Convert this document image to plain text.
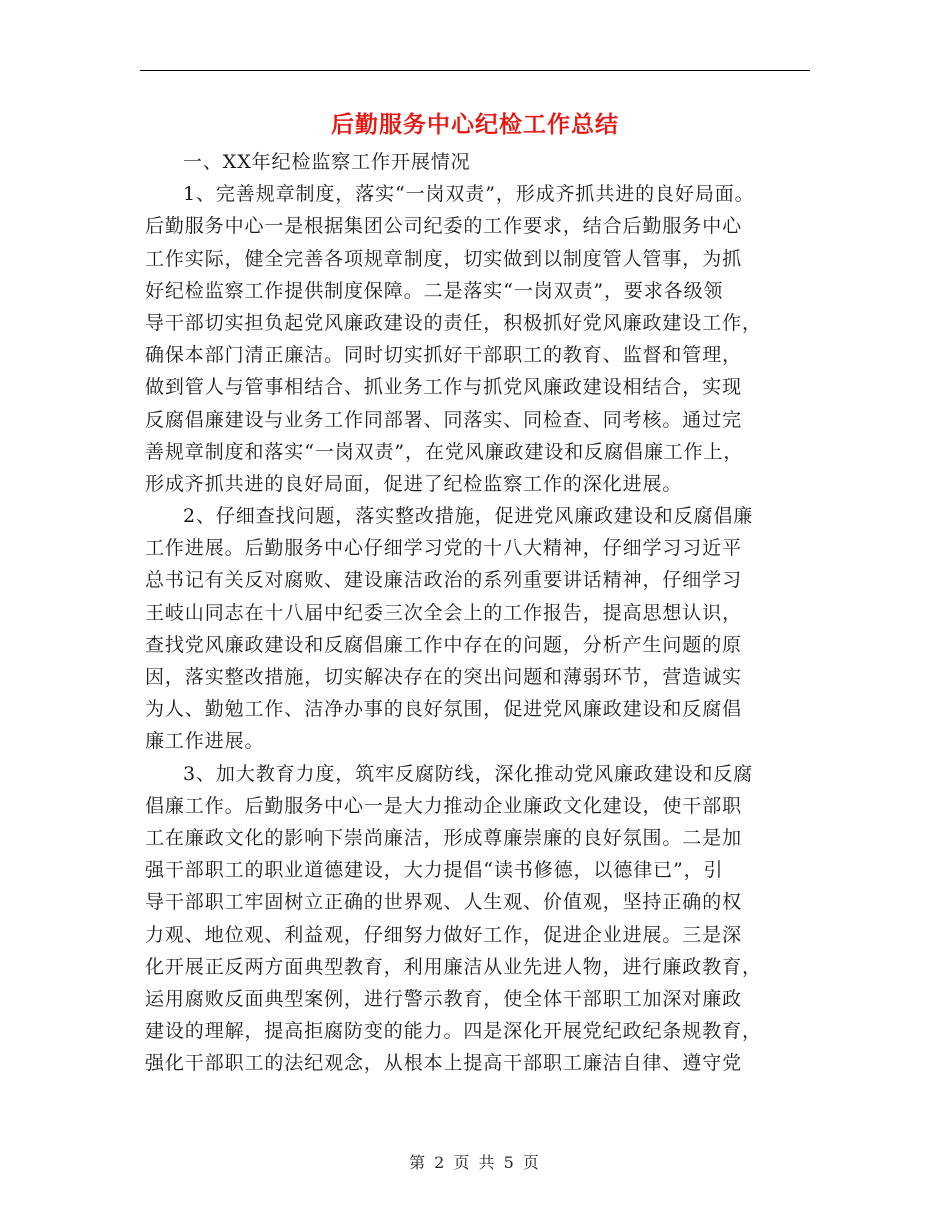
后勤服务中心纪检工作总结
一、XX年纪检监察工作开展情况
1、完善规章制度，落实“一岗双责”，形成齐抓共进的良好局面。
后勤服务中心一是根据集团公司纪委的工作要求，结合后勤服务中心
工作实际，健全完善各项规章制度，切实做到以制度管人管事，为抓
好纪检监察工作提供制度保障。二是落实“一岗双责”，要求各级领
导干部切实担负起党风廉政建设的责任，积极抓好党风廉政建设工作，
确保本部门清正廉洁。同时切实抓好干部职工的教育、监督和管理，
做到管人与管事相结合、抓业务工作与抓党风廉政建设相结合，实现
反腐倡廉建设与业务工作同部署、同落实、同检查、同考核。通过完
善规章制度和落实“一岗双责”，在党风廉政建设和反腐倡廉工作上，
形成齐抓共进的良好局面，促进了纪检监察工作的深化进展。
2、仔细查找问题，落实整改措施，促进党风廉政建设和反腐倡廉
工作进展。后勤服务中心仔细学习党的十八大精神，仔细学习习近平
总书记有关反对腐败、建设廉洁政治的系列重要讲话精神，仔细学习
王岐山同志在十八届中纪委三次全会上的工作报告，提高思想认识，
查找党风廉政建设和反腐倡廉工作中存在的问题，分析产生问题的原
因，落实整改措施，切实解决存在的突出问题和薄弱环节，营造诚实
为人、勤勉工作、洁净办事的良好氛围，促进党风廉政建设和反腐倡
廉工作进展。
3、加大教育力度，筑牢反腐防线，深化推动党风廉政建设和反腐
倡廉工作。后勤服务中心一是大力推动企业廉政文化建设，使干部职
工在廉政文化的影响下崇尚廉洁，形成尊廉崇廉的良好氛围。二是加
强干部职工的职业道德建设，大力提倡“读书修德，以德律已”，引
导干部职工牢固树立正确的世界观、人生观、价值观，坚持正确的权
力观、地位观、利益观，仔细努力做好工作，促进企业进展。三是深
化开展正反两方面典型教育，利用廉洁从业先进人物，进行廉政教育，
运用腐败反面典型案例，进行警示教育，使全体干部职工加深对廉政
建设的理解，提高拒腐防变的能力。四是深化开展党纪政纪条规教育，
强化干部职工的法纪观念，从根本上提高干部职工廉洁自律、遵守党
第 2 页 共 5 页
